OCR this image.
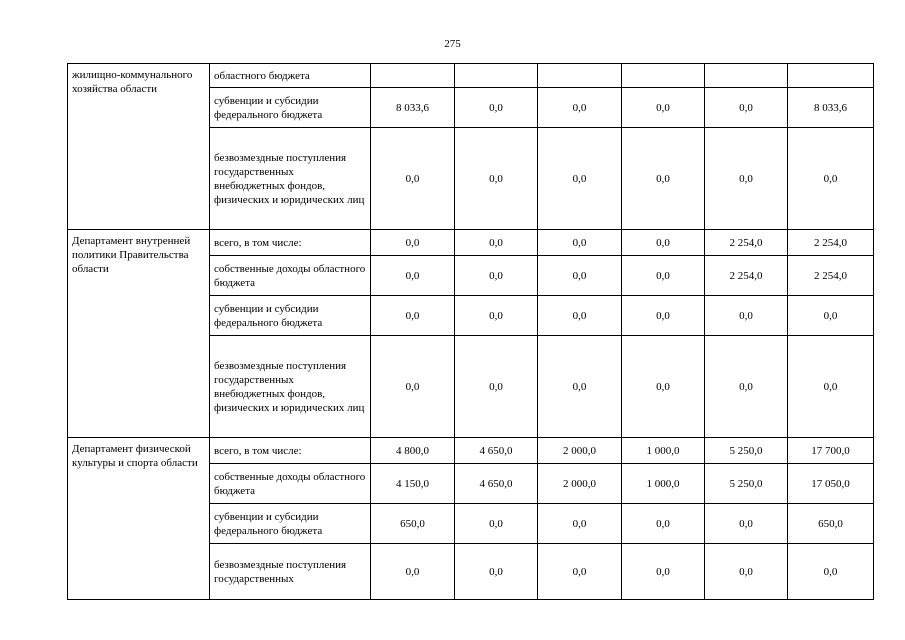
275
жилищно-коммунального хозяйства области	областного бюджета						
	субвенции и субсидии федерального бюджета	8 033,6	0,0	0,0	0,0	0,0	8 033,6
	безвозмездные поступления государственных внебюджетных фондов, физических и юридических лиц	0,0	0,0	0,0	0,0	0,0	0,0
Департамент внутренней политики Правительства области	всего, в том числе:	0,0	0,0	0,0	0,0	2 254,0	2 254,0
	собственные доходы областного бюджета	0,0	0,0	0,0	0,0	2 254,0	2 254,0
	субвенции и субсидии федерального бюджета	0,0	0,0	0,0	0,0	0,0	0,0
	безвозмездные поступления государственных внебюджетных фондов, физических и юридических лиц	0,0	0,0	0,0	0,0	0,0	0,0
Департамент физической культуры и спорта области	всего, в том числе:	4 800,0	4 650,0	2 000,0	1 000,0	5 250,0	17 700,0
	собственные доходы областного бюджета	4 150,0	4 650,0	2 000,0	1 000,0	5 250,0	17 050,0
	субвенции и субсидии федерального бюджета	650,0	0,0	0,0	0,0	0,0	650,0
	безвозмездные поступления государственных	0,0	0,0	0,0	0,0	0,0	0,0
